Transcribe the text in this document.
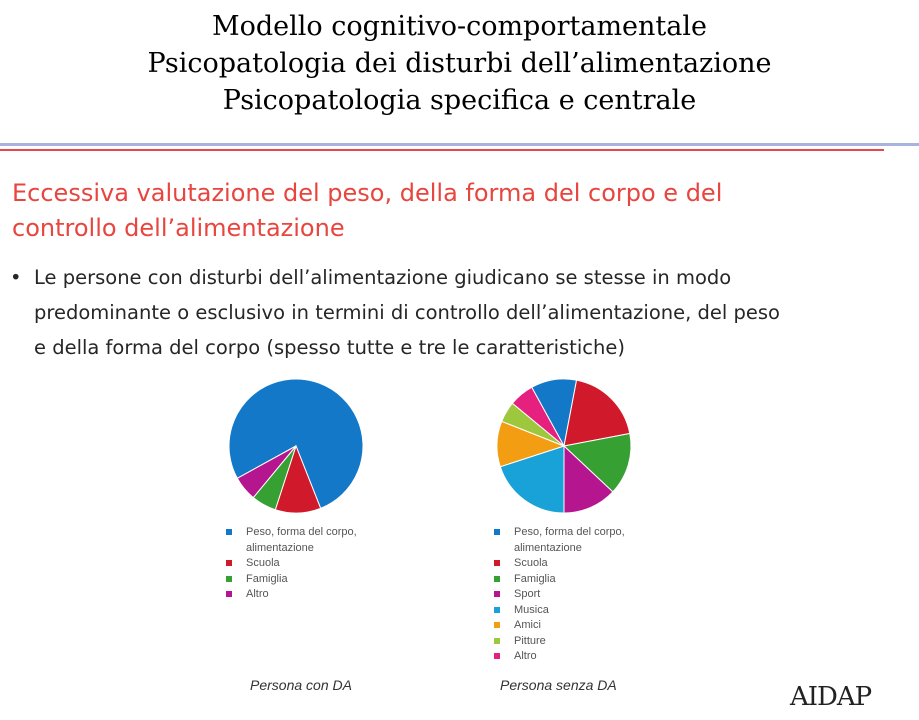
Modello cognitivo-comportamentale
Psicopatologia dei disturbi dell’alimentazione
Psicopatologia specifica e centrale
Eccessiva valutazione del peso, della forma del corpo e del
controllo dell’alimentazione
• Le persone con disturbi dell’alimentazione giudicano se stesse in modo
predominante o esclusivo in termini di controllo dell’alimentazione, del peso
e della forma del corpo (spesso tutte e tre le caratteristiche)
Peso, forma del corpo,
alimentazione
Scuola
Famiglia
Altro
Peso, forma del corpo,
alimentazione
Scuola
Famiglia
Sport
Musica
Amici
Pitture
Altro
Persona con DA	Persona senza DA	AIDAP
